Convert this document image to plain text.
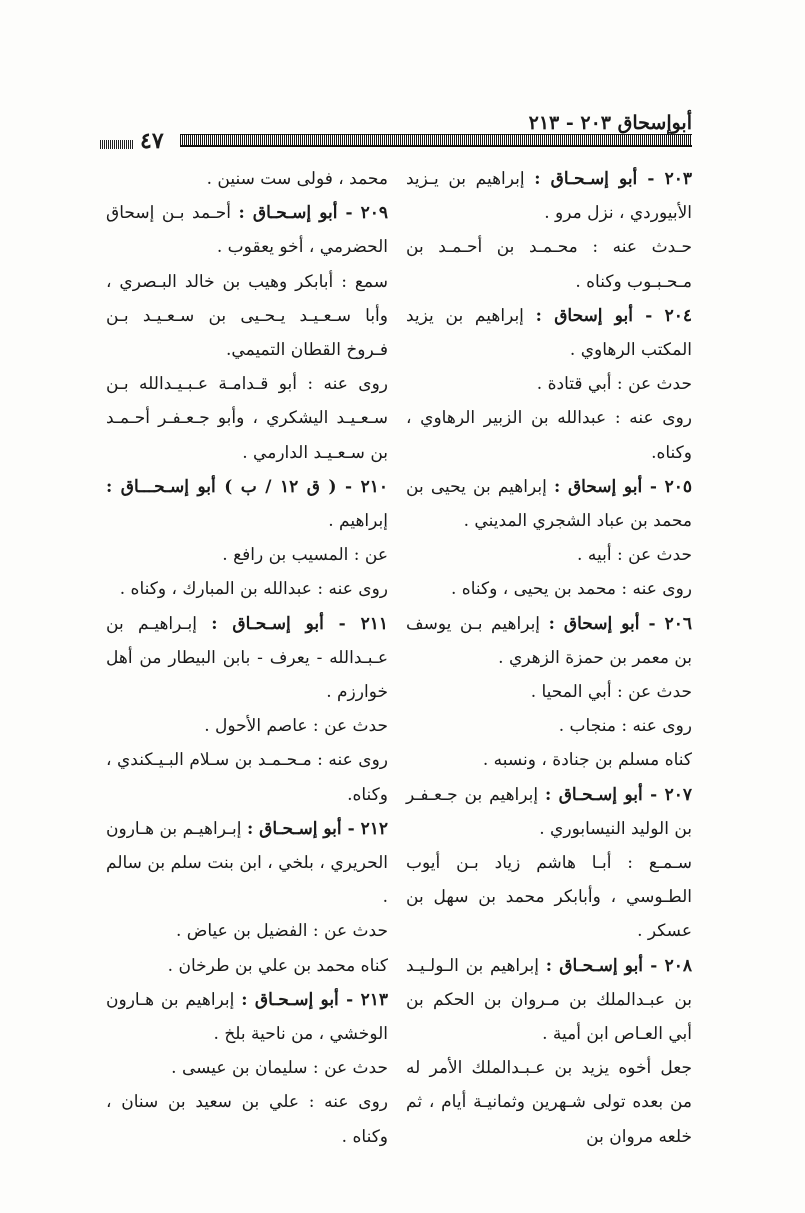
أبوإسحاق ٢٠٣ - ٢١٣
٤٧

٢٠٣ - أبو إسـحـاق : إبراهيم بن يـزيد الأبيوردي ، نزل مرو .

حـدث عنه : محـمـد بن أحـمـد بن مـحـبـوب وكناه .

٢٠٤ - أبو إسحاق : إبراهيم بن يزيد المكتب الرهاوي .

حدث عن : أبي قتادة .

روى عنه : عبدالله بن الزبير الرهاوي ، وكناه.

٢٠٥ - أبو إسحاق : إبراهيم بن يحيى بن محمد بن عباد الشجري المديني .

حدث عن : أبيه .

روى عنه : محمد بن يحيى ، وكناه .

٢٠٦ - أبو إسحاق : إبراهيم بـن يوسف بن معمر بن حمزة الزهري .

حدث عن : أبي المحيا .

روى عنه : منجاب .

كناه مسلم بن جنادة ، ونسبه .

٢٠٧ - أبو إسـحـاق : إبراهيم بن جـعـفـر بن الوليد النيسابوري .

سـمـع : أبـا هاشم زياد بـن أيوب الطـوسي ، وأبابكر محمد بن سهل بن عسكر .

٢٠٨ - أبو إسـحـاق : إبراهيم بن الـولـيـد بن عبـدالملك بن مـروان بن الحكم بن أبي العـاص ابن أمية .

جعل أخوه يزيد بن عـبـدالملك الأمر له من بعده تولى شـهرين وثمانيـة أيام ، ثم خلعه مروان بن

محمد ، فولى ست سنين .

٢٠٩ - أبو إسـحـاق : أحـمد بـن إسحاق الحضرمي ، أخو يعقوب .

سمع : أبابكر وهيب بن خالد البـصري ، وأبا سـعـيـد يـحـيى بن سـعـيـد بـن فـروخ القطان التميمي.

روى عنه : أبو قـدامـة عـبـيـدالله بـن سـعـيـد اليشكري ، وأبو جـعـفـر أحـمـد بن سـعـيـد الدارمي .

٢١٠ - ( ق ١٢ / ب ) أبو إسـحـــاق : إبراهيم .

عن : المسيب بن رافع .

روى عنه : عبدالله بن المبارك ، وكناه .

٢١١ - أبو إسـحـاق : إبـراهيـم بن عـبـدالله - يعرف - بابن البيطار من أهل خوارزم .

حدث عن : عاصم الأحول .

روى عنه : مـحـمـد بن سـلام البـيـكندي ، وكناه.

٢١٢ - أبو إسـحـاق : إبـراهيـم بن هـارون الحريري ، بلخي ، ابن بنت سلم بن سالم .

حدث عن : الفضيل بن عياض .

كناه محمد بن علي بن طرخان .

٢١٣ - أبو إسـحـاق : إبراهيم بن هـارون الوخشي ، من ناحية بلخ .

حدث عن : سليمان بن عيسى .

روى عنه : علي بن سعيد بن سنان ، وكناه .
